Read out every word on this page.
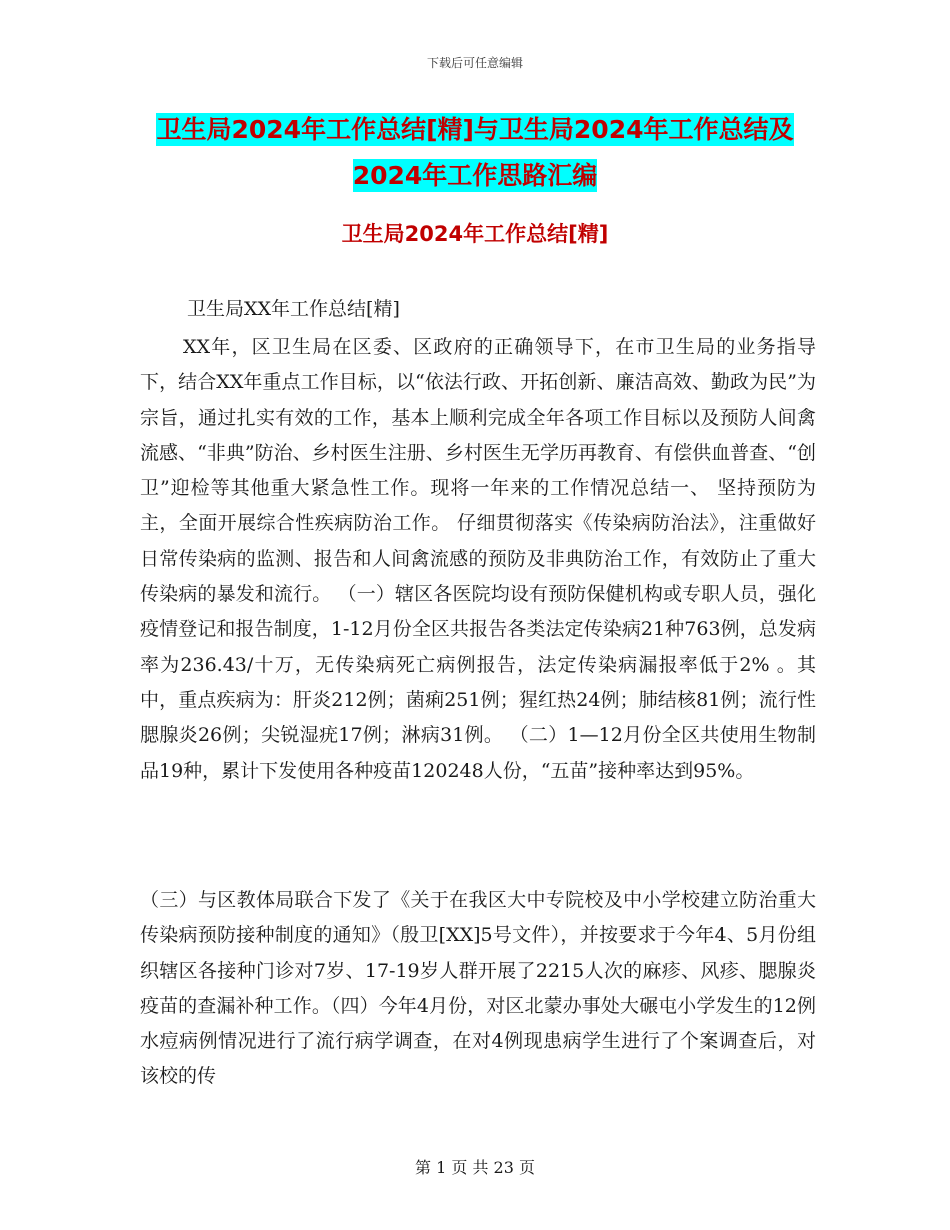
下载后可任意编辑
卫生局2024年工作总结[精]与卫生局2024年工作总结及2024年工作思路汇编
卫生局2024年工作总结[精]
卫生局XX年工作总结[精]

XX年，区卫生局在区委、区政府的正确领导下，在市卫生局的业务指导下，结合XX年重点工作目标，以“依法行政、开拓创新、廉洁高效、勤政为民”为宗旨，通过扎实有效的工作，基本上顺利完成全年各项工作目标以及预防人间禽流感、“非典”防治、乡村医生注册、乡村医生无学历再教育、有偿供血普查、“创卫”迎检等其他重大紧急性工作。现将一年来的工作情况总结一、 坚持预防为主，全面开展综合性疾病防治工作。 仔细贯彻落实《传染病防治法》，注重做好日常传染病的监测、报告和人间禽流感的预防及非典防治工作，有效防止了重大传染病的暴发和流行。 （一）辖区各医院均设有预防保健机构或专职人员，强化疫情登记和报告制度，1-12月份全区共报告各类法定传染病21种763例，总发病率为236.43/十万，无传染病死亡病例报告，法定传染病漏报率低于2% 。其中，重点疾病为：肝炎212例；菌痢251例；猩红热24例；肺结核81例；流行性腮腺炎26例；尖锐湿疣17例；淋病31例。 （二）1—12月份全区共使用生物制品19种，累计下发使用各种疫苗120248人份，“五苗”接种率达到95%。

（三）与区教体局联合下发了《关于在我区大中专院校及中小学校建立防治重大传染病预防接种制度的通知》（殷卫[XX]5号文件），并按要求于今年4、5月份组织辖区各接种门诊对7岁、17-19岁人群开展了2215人次的麻疹、风疹、腮腺炎疫苗的查漏补种工作。（四）今年4月份，对区北蒙办事处大碾屯小学发生的12例水痘病例情况进行了流行病学调查，在对4例现患病学生进行了个案调查后，对该校的传

第 1 页 共 23 页
